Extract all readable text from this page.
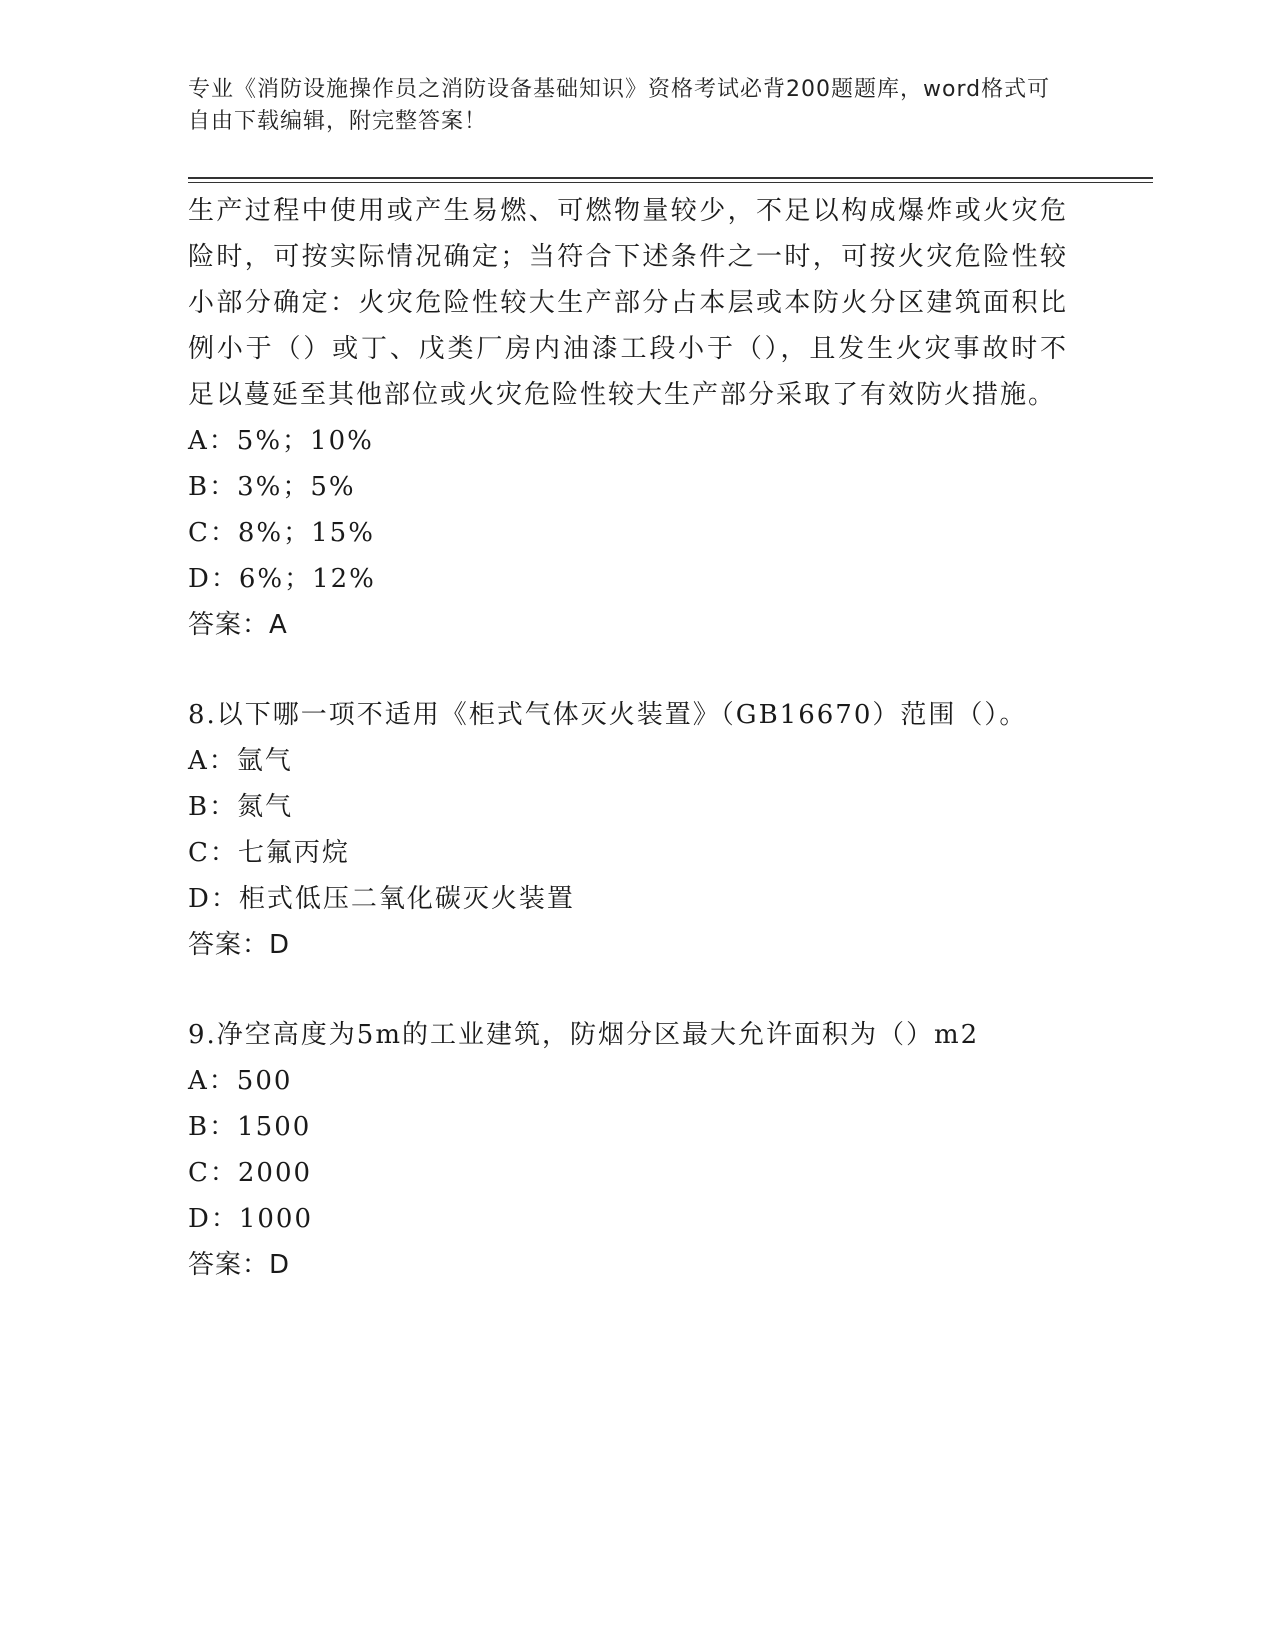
专业《消防设施操作员之消防设备基础知识》资格考试必背200题题库，word格式可自由下载编辑，附完整答案！
生产过程中使用或产生易燃、可燃物量较少，不足以构成爆炸或火灾危险时，可按实际情况确定；当符合下述条件之一时，可按火灾危险性较小部分确定：火灾危险性较大生产部分占本层或本防火分区建筑面积比例小于（）或丁、戊类厂房内油漆工段小于（），且发生火灾事故时不足以蔓延至其他部位或火灾危险性较大生产部分采取了有效防火措施。
A：5%；10%
B：3%；5%
C：8%；15%
D：6%；12%
答案：A
8.以下哪一项不适用《柜式气体灭火装置》（GB16670）范围（）。
A：氩气
B：氮气
C：七氟丙烷
D：柜式低压二氧化碳灭火装置
答案：D
9.净空高度为5m的工业建筑，防烟分区最大允许面积为（）m2
A：500
B：1500
C：2000
D：1000
答案：D
